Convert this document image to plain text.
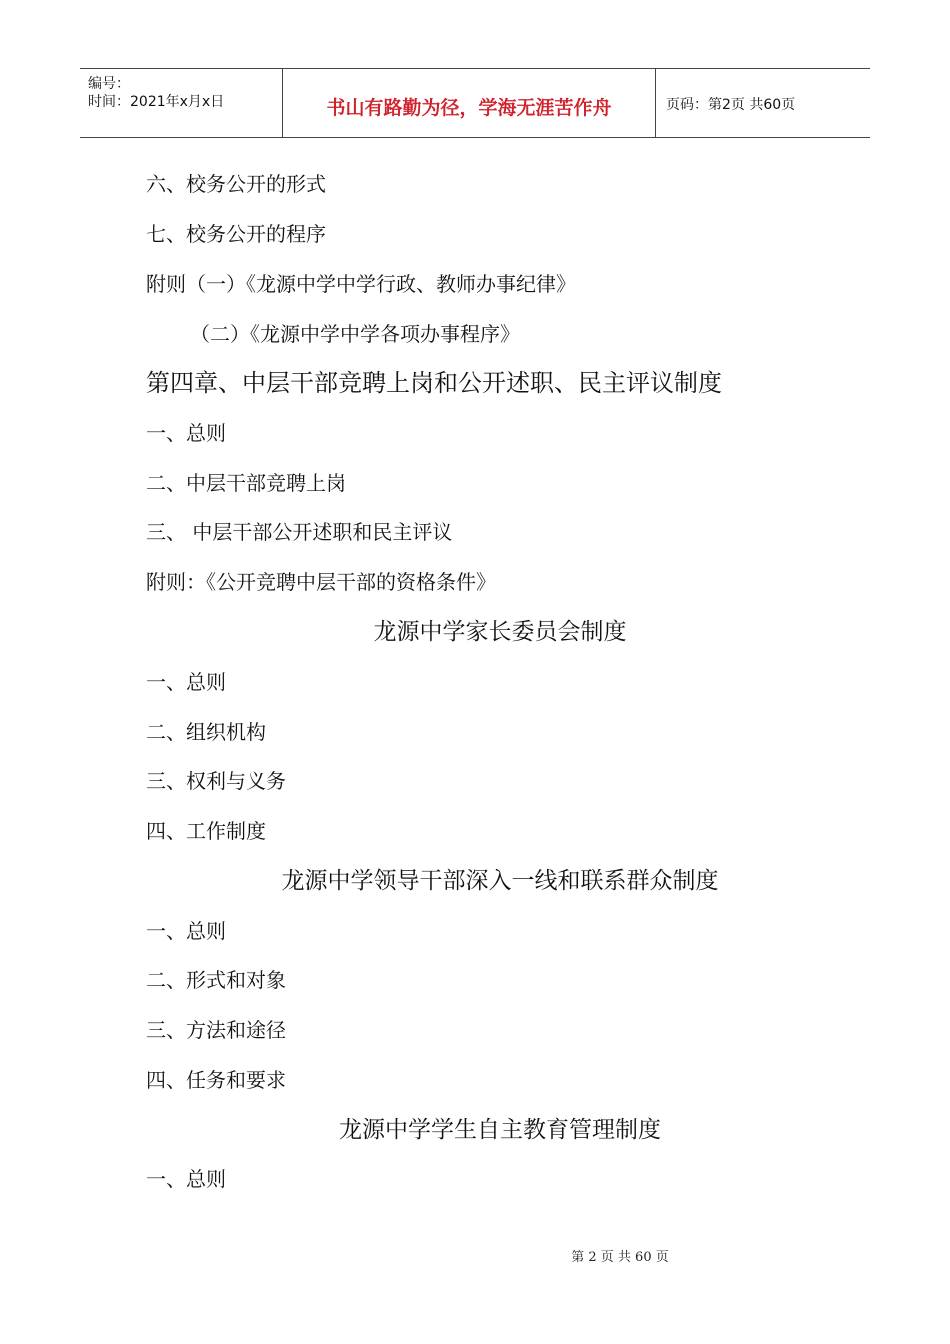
编号：
时间：2021年x月x日	书山有路勤为径，学海无涯苦作舟	页码：第2页 共60页
六、校务公开的形式
七、校务公开的程序
附则（一）《龙源中学中学行政、教师办事纪律》
（二）《龙源中学中学各项办事程序》
第四章、中层干部竞聘上岗和公开述职、民主评议制度
一、总则
二、中层干部竞聘上岗
三、 中层干部公开述职和民主评议
附则：《公开竞聘中层干部的资格条件》
龙源中学家长委员会制度
一、总则
二、组织机构
三、权利与义务
四、工作制度
龙源中学领导干部深入一线和联系群众制度
一、总则
二、形式和对象
三、方法和途径
四、任务和要求
龙源中学学生自主教育管理制度
一、总则
第 2 页 共 60 页
